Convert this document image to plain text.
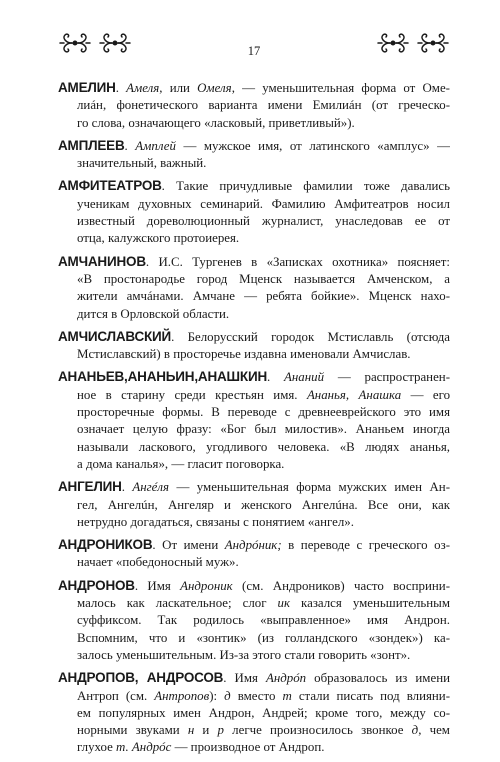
17
АМЕЛИН. Амеля, или Омеля, — уменьшительная форма от Оме-
лиáн, фонетического варианта имени Емилиáн (от греческо-
го слова, означающего «ласковый, приветливый»).
АМПЛЕЕВ. Амплей — мужское имя, от латинского «амплус» —
значительный, важный.
АМФИТЕАТРОВ. Такие причудливые фамилии тоже давались
ученикам духовных семинарий. Фамилию Амфитеатров носил
известный дореволюционный журналист, унаследовав ее от
отца, калужского протоиерея.
АМЧАНИНОВ. И.С. Тургенев в «Записках охотника» поясняет:
«В простонародье город Мценск называется Амченском, а
жители амчáнами. Амчане — ребята бойкие». Мценск нахо-
дится в Орловской области.
АМЧИСЛАВСКИЙ. Белорусский городок Мстиславль (отсюда
Мстиславский) в просторечье издавна именовали Амчислав.
АНАНЬЕВ,АНАНЬИН,АНАШКИН. Ананий — распространен-
ное в старину среди крестьян имя. Ананья, Анашка — его
просторечные формы. В переводе с древнееврейского это имя
означает целую фразу: «Бог был милостив». Ананьем иногда
называли ласкового, угодливого человека. «В людях ананья,
а дома каналья», — гласит поговорка.
АНГЕЛИН. Ангéля — уменьшительная форма мужских имен Ан-
гел, Ангелúн, Ангеляр и женского Ангелúна. Все они, как
нетрудно догадаться, связаны с понятием «ангел».
АНДРОНИКОВ. От имени Андрóник; в переводе с греческого оз-
начает «победоносный муж».
АНДРОНОВ. Имя Андроник (см. Андроников) часто восприни-
малось как ласкательное; слог ик казался уменьшительным
суффиксом. Так родилось «выправленное» имя Андрон.
Вспомним, что и «зонтик» (из голландского «зондек») ка-
залось уменьшительным. Из-за этого стали говорить «зонт».
АНДРОПОВ, АНДРОСОВ. Имя Андрóп образовалось из имени
Антроп (см. Антропов): д вместо т стали писать под влияни-
ем популярных имен Андрон, Андрей; кроме того, между со-
норными звуками н и р легче произносилось звонкое д, чем
глухое т. Андрóс — производное от Андроп.
